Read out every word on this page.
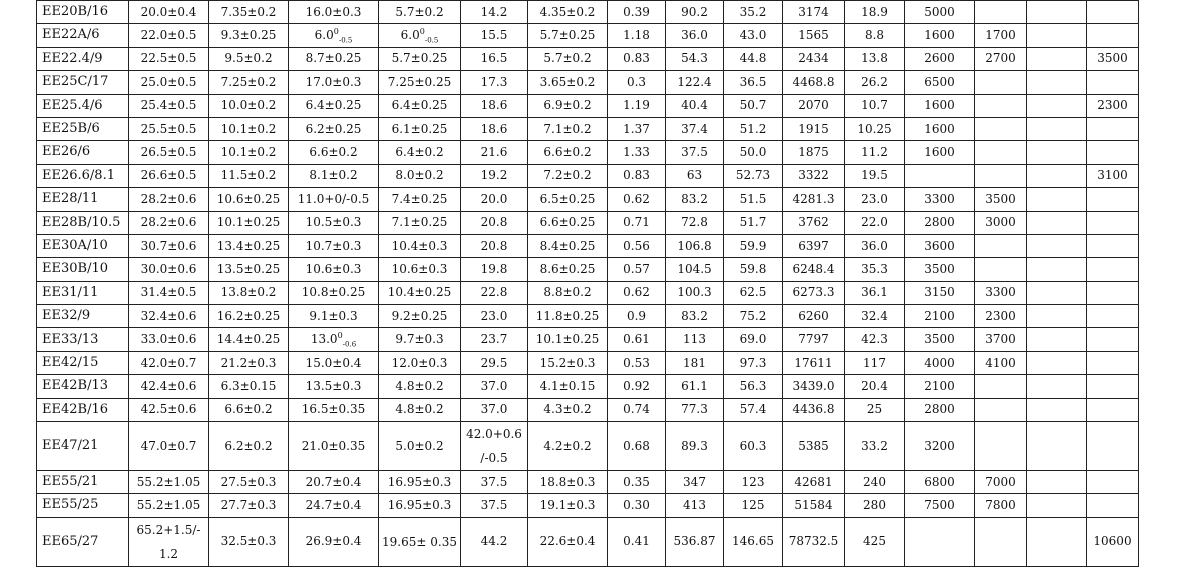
EE20B/16	20.0±0.4	7.35±0.2	16.0±0.3	5.7±0.2	14.2	4.35±0.2	0.39	90.2	35.2	3174	18.9	5000			
EE22A/6	22.0±0.5	9.3±0.25	$6.0^0_{-0.5}$	$6.0^0_{-0.5}$	15.5	5.7±0.25	1.18	36.0	43.0	1565	8.8	1600	1700		
EE22.4/9	22.5±0.5	9.5±0.2	8.7±0.25	5.7±0.25	16.5	5.7±0.2	0.83	54.3	44.8	2434	13.8	2600	2700		3500
EE25C/17	25.0±0.5	7.25±0.2	17.0±0.3	7.25±0.25	17.3	3.65±0.2	0.3	122.4	36.5	4468.8	26.2	6500			
EE25.4/6	25.4±0.5	10.0±0.2	6.4±0.25	6.4±0.25	18.6	6.9±0.2	1.19	40.4	50.7	2070	10.7	1600			2300
EE25B/6	25.5±0.5	10.1±0.2	6.2±0.25	6.1±0.25	18.6	7.1±0.2	1.37	37.4	51.2	1915	10.25	1600			
EE26/6	26.5±0.5	10.1±0.2	6.6±0.2	6.4±0.2	21.6	6.6±0.2	1.33	37.5	50.0	1875	11.2	1600			
EE26.6/8.1	26.6±0.5	11.5±0.2	8.1±0.2	8.0±0.2	19.2	7.2±0.2	0.83	63	52.73	3322	19.5				3100
EE28/11	28.2±0.6	10.6±0.25	11.0+0/-0.5	7.4±0.25	20.0	6.5±0.25	0.62	83.2	51.5	4281.3	23.0	3300	3500		
EE28B/10.5	28.2±0.6	10.1±0.25	10.5±0.3	7.1±0.25	20.8	6.6±0.25	0.71	72.8	51.7	3762	22.0	2800	3000		
EE30A/10	30.7±0.6	13.4±0.25	10.7±0.3	10.4±0.3	20.8	8.4±0.25	0.56	106.8	59.9	6397	36.0	3600			
EE30B/10	30.0±0.6	13.5±0.25	10.6±0.3	10.6±0.3	19.8	8.6±0.25	0.57	104.5	59.8	6248.4	35.3	3500			
EE31/11	31.4±0.5	13.8±0.2	10.8±0.25	10.4±0.25	22.8	8.8±0.2	0.62	100.3	62.5	6273.3	36.1	3150	3300		
EE32/9	32.4±0.6	16.2±0.25	9.1±0.3	9.2±0.25	23.0	11.8±0.25	0.9	83.2	75.2	6260	32.4	2100	2300		
EE33/13	33.0±0.6	14.4±0.25	$13.0^0_{-0.6}$	9.7±0.3	23.7	10.1±0.25	0.61	113	69.0	7797	42.3	3500	3700		
EE42/15	42.0±0.7	21.2±0.3	15.0±0.4	12.0±0.3	29.5	15.2±0.3	0.53	181	97.3	17611	117	4000	4100		
EE42B/13	42.4±0.6	6.3±0.15	13.5±0.3	4.8±0.2	37.0	4.1±0.15	0.92	61.1	56.3	3439.0	20.4	2100			
EE42B/16	42.5±0.6	6.6±0.2	16.5±0.35	4.8±0.2	37.0	4.3±0.2	0.74	77.3	57.4	4436.8	25	2800			
EE47/21	47.0±0.7	6.2±0.2	21.0±0.35	5.0±0.2	42.0+0.6 /-0.5	4.2±0.2	0.68	89.3	60.3	5385	33.2	3200			
EE55/21	55.2±1.05	27.5±0.3	20.7±0.4	16.95±0.3	37.5	18.8±0.3	0.35	347	123	42681	240	6800	7000		
EE55/25	55.2±1.05	27.7±0.3	24.7±0.4	16.95±0.3	37.5	19.1±0.3	0.30	413	125	51584	280	7500	7800		
EE65/27	65.2+1.5/- 1.2	32.5±0.3	26.9±0.4	19.65± 0.35	44.2	22.6±0.4	0.41	536.87	146.65	78732.5	425				10600
